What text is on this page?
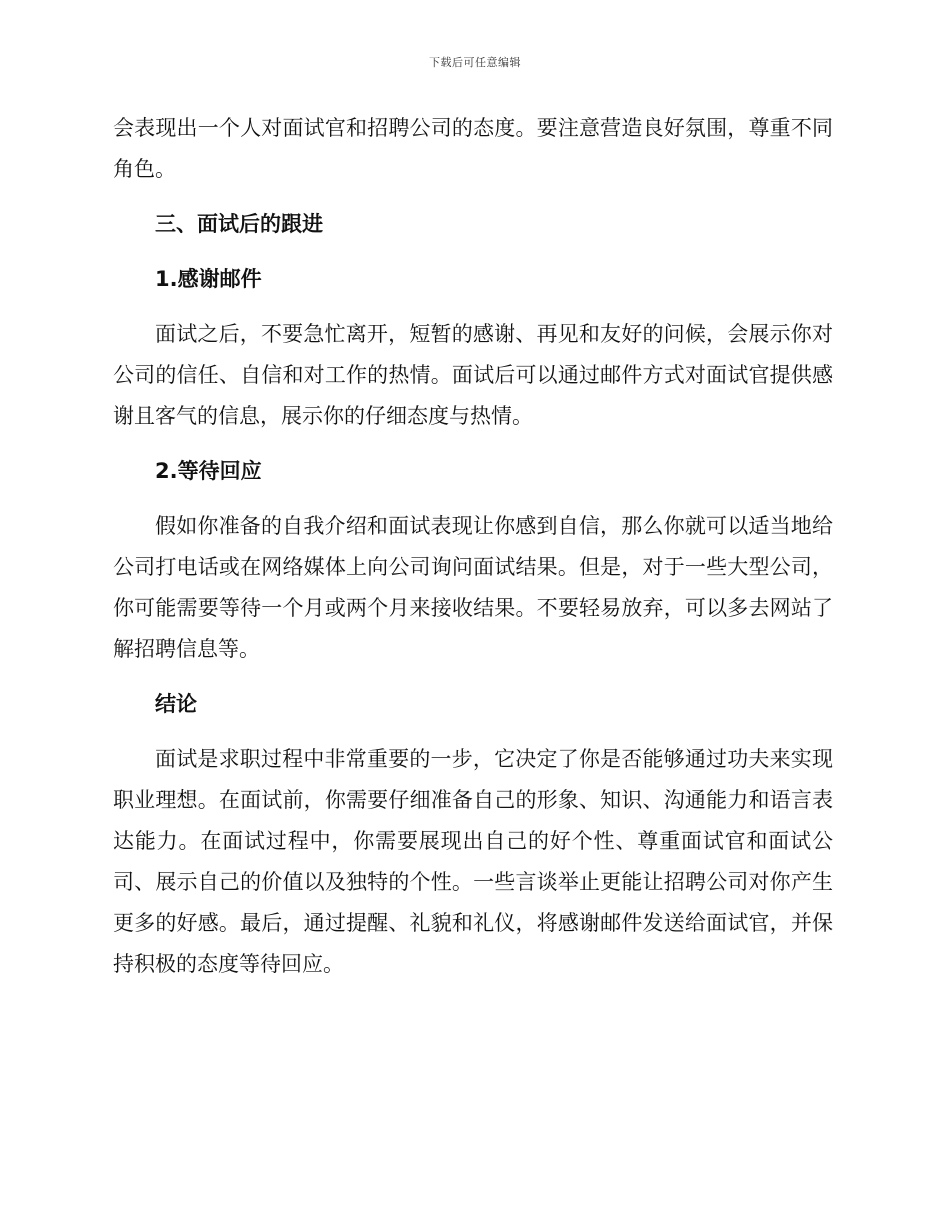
下载后可任意编辑

会表现出一个人对面试官和招聘公司的态度。要注意营造良好氛围，尊重不同角色。

三、面试后的跟进
1.感谢邮件

面试之后，不要急忙离开，短暂的感谢、再见和友好的问候，会展示你对公司的信任、自信和对工作的热情。面试后可以通过邮件方式对面试官提供感谢且客气的信息，展示你的仔细态度与热情。

2.等待回应

假如你准备的自我介绍和面试表现让你感到自信，那么你就可以适当地给公司打电话或在网络媒体上向公司询问面试结果。但是，对于一些大型公司，你可能需要等待一个月或两个月来接收结果。不要轻易放弃，可以多去网站了解招聘信息等。

结论

面试是求职过程中非常重要的一步，它决定了你是否能够通过功夫来实现职业理想。在面试前，你需要仔细准备自己的形象、知识、沟通能力和语言表达能力。在面试过程中，你需要展现出自己的好个性、尊重面试官和面试公司、展示自己的价值以及独特的个性。一些言谈举止更能让招聘公司对你产生更多的好感。最后，通过提醒、礼貌和礼仪，将感谢邮件发送给面试官，并保持积极的态度等待回应。
